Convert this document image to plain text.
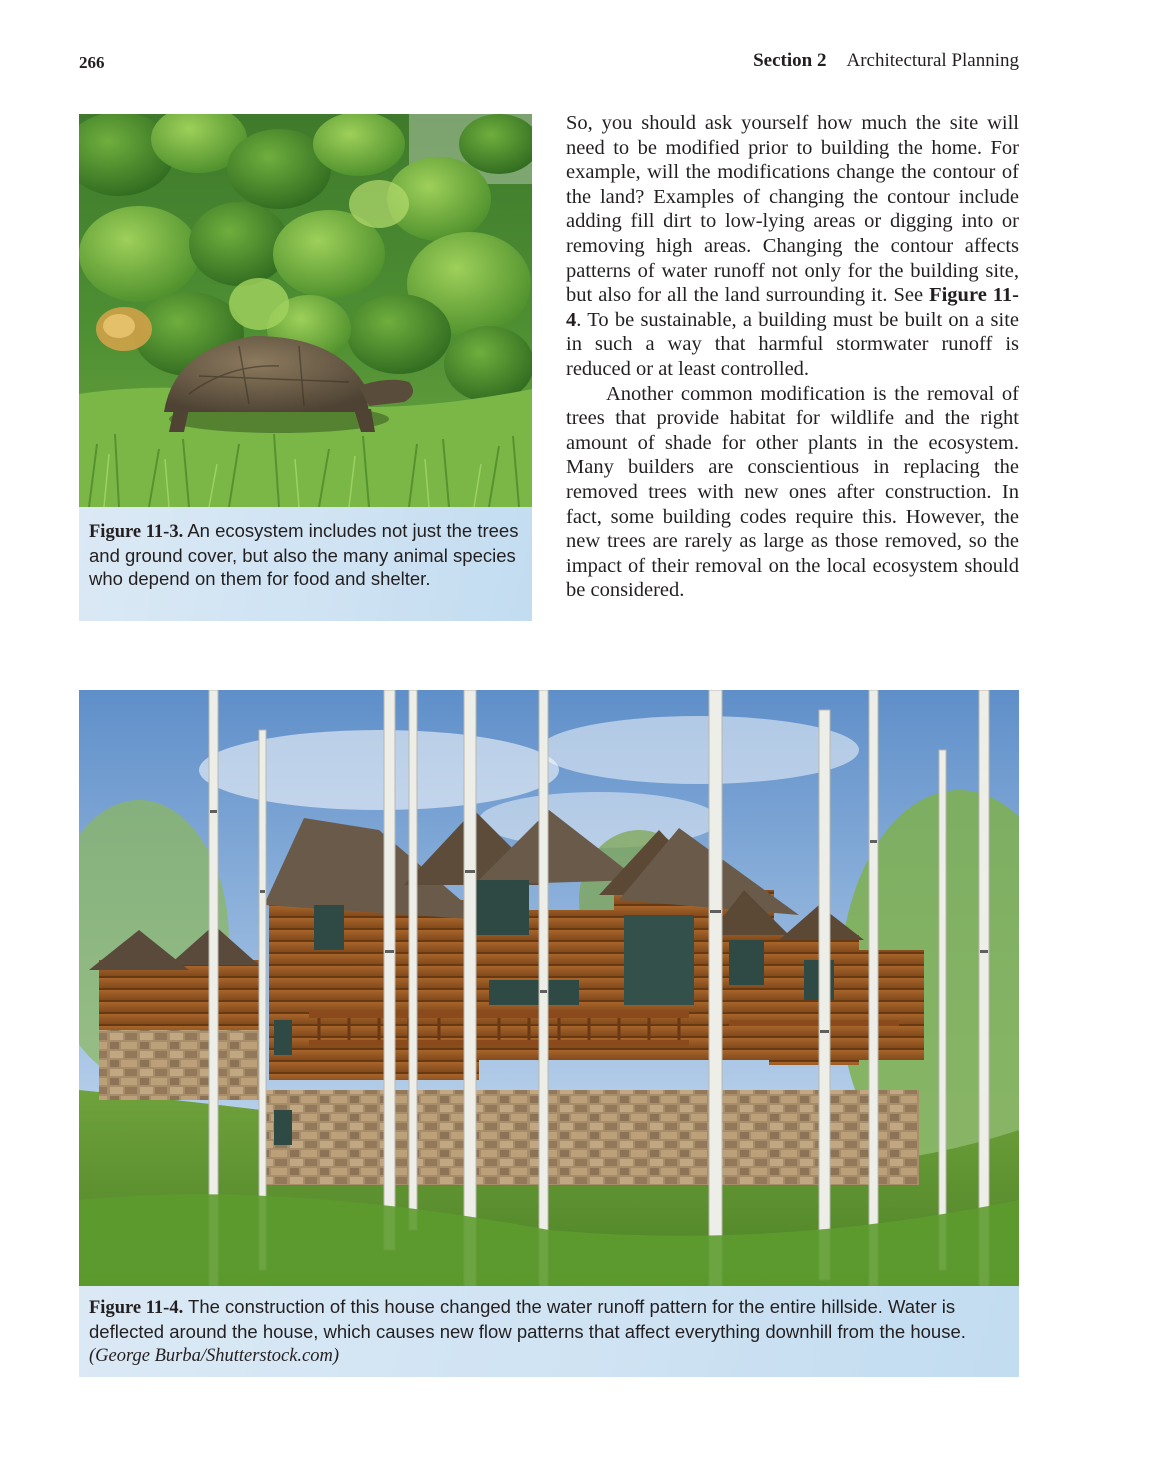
266	Section 2 Architectural Planning
Figure 11-3. An ecosystem includes not just the trees and ground cover, but also the many animal species who depend on them for food and shelter.

So, you should ask yourself how much the site will need to be modified prior to building the home. For example, will the modifications change the contour of the land? Examples of changing the contour include adding fill dirt to low-lying areas or digging into or removing high areas. Changing the contour affects patterns of water runoff not only for the building site, but also for all the land surrounding it. See Figure 11-4. To be sustainable, a building must be built on a site in such a way that harmful stormwater runoff is reduced or at least controlled.

Another common modification is the removal of trees that provide habitat for wildlife and the right amount of shade for other plants in the ecosystem. Many builders are conscientious in replacing the removed trees with new ones after construction. In fact, some building codes require this. However, the new trees are rarely as large as those removed, so the impact of their removal on the local ecosystem should be considered.

Figure 11-4. The construction of this house changed the water runoff pattern for the entire hillside. Water is deflected around the house, which causes new flow patterns that affect everything downhill from the house. (George Burba/Shutterstock.com)
